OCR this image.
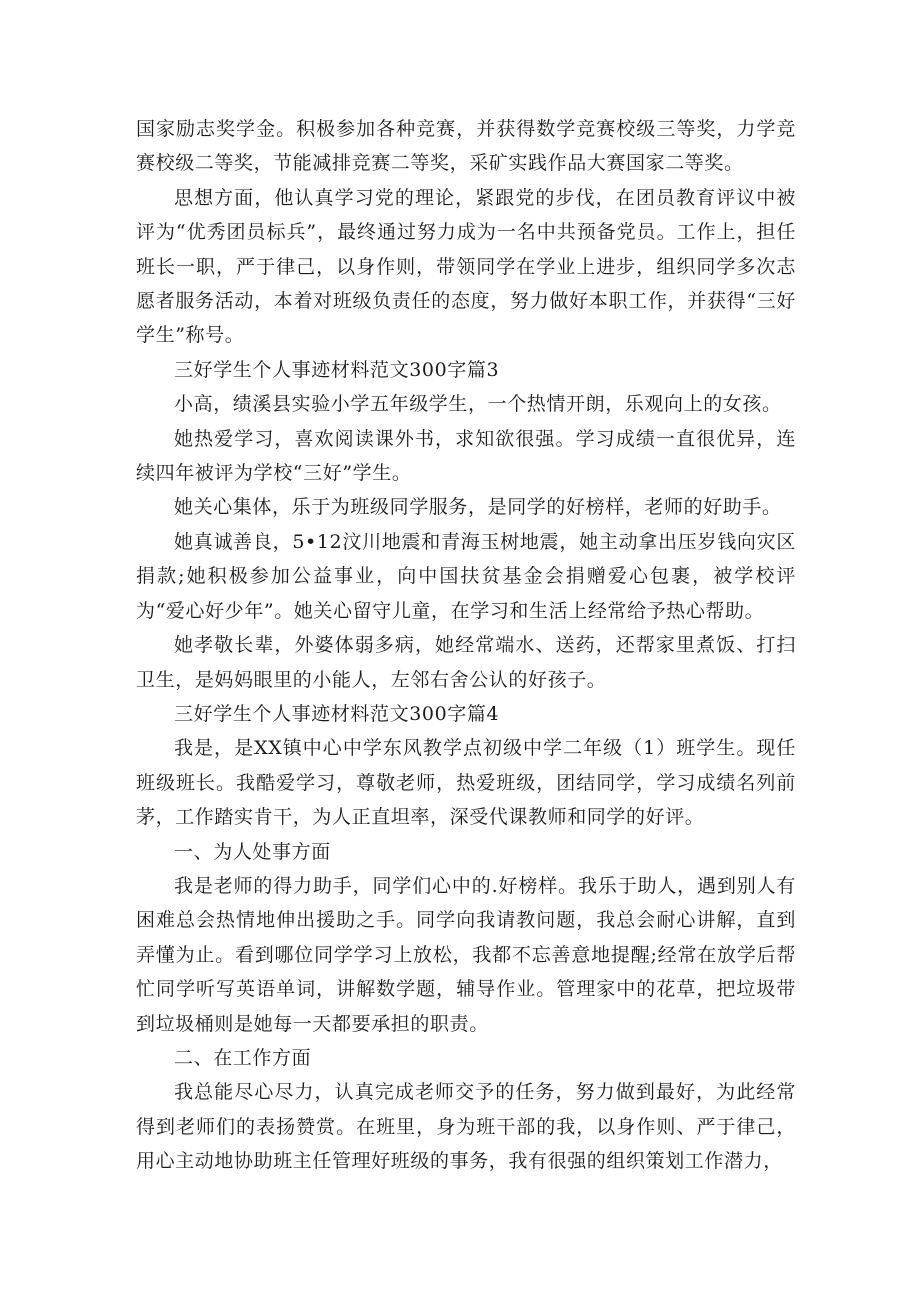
国家励志奖学金。积极参加各种竞赛，并获得数学竞赛校级三等奖，力学竞赛校级二等奖，节能减排竞赛二等奖，采矿实践作品大赛国家二等奖。

思想方面，他认真学习党的理论，紧跟党的步伐，在团员教育评议中被评为“优秀团员标兵”，最终通过努力成为一名中共预备党员。工作上，担任班长一职，严于律己，以身作则，带领同学在学业上进步，组织同学多次志愿者服务活动，本着对班级负责任的态度，努力做好本职工作，并获得“三好学生”称号。

三好学生个人事迹材料范文300字篇3

小高，绩溪县实验小学五年级学生，一个热情开朗，乐观向上的女孩。

她热爱学习，喜欢阅读课外书，求知欲很强。学习成绩一直很优异，连续四年被评为学校“三好”学生。

她关心集体，乐于为班级同学服务，是同学的好榜样，老师的好助手。

她真诚善良，5•12汶川地震和青海玉树地震，她主动拿出压岁钱向灾区捐款;她积极参加公益事业，向中国扶贫基金会捐赠爱心包裹，被学校评为“爱心好少年”。她关心留守儿童，在学习和生活上经常给予热心帮助。

她孝敬长辈，外婆体弱多病，她经常端水、送药，还帮家里煮饭、打扫卫生，是妈妈眼里的小能人，左邻右舍公认的好孩子。

三好学生个人事迹材料范文300字篇4

我是，是XX镇中心中学东风教学点初级中学二年级（1）班学生。现任班级班长。我酷爱学习，尊敬老师，热爱班级，团结同学，学习成绩名列前茅，工作踏实肯干，为人正直坦率，深受代课教师和同学的好评。

一、为人处事方面

我是老师的得力助手，同学们心中的.好榜样。我乐于助人，遇到别人有困难总会热情地伸出援助之手。同学向我请教问题，我总会耐心讲解，直到弄懂为止。看到哪位同学学习上放松，我都不忘善意地提醒;经常在放学后帮忙同学听写英语单词，讲解数学题，辅导作业。管理家中的花草，把垃圾带到垃圾桶则是她每一天都要承担的职责。

二、在工作方面

我总能尽心尽力，认真完成老师交予的任务，努力做到最好，为此经常得到老师们的表扬赞赏。在班里，身为班干部的我，以身作则、严于律己，用心主动地协助班主任管理好班级的事务，我有很强的组织策划工作潜力，
